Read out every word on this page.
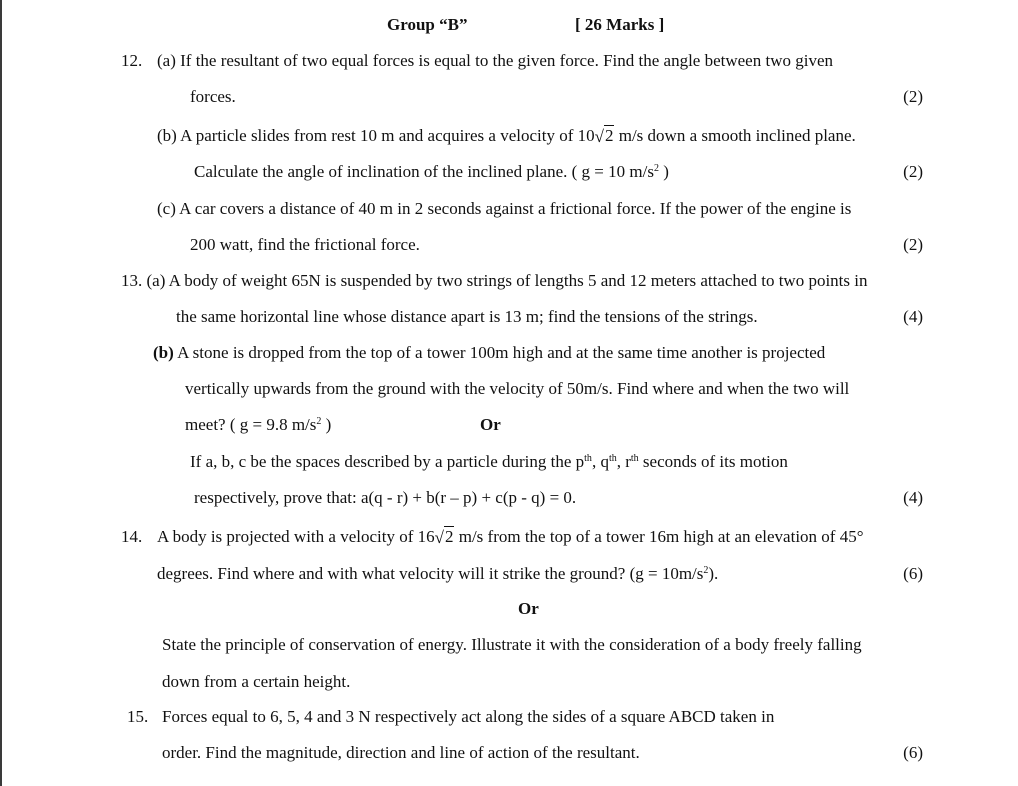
Group “B”	[ 26 Marks ]
12. (a) If the resultant of two equal forces is equal to the given force. Find the angle between two given
forces.	(2)
(b) A particle slides from rest 10 m and acquires a velocity of 10√2 m/s down a smooth inclined plane.
Calculate the angle of inclination of the inclined plane. ( g = 10 $m/s^2$ )	(2)
(c) A car covers a distance of 40 m in 2 seconds against a frictional force. If the power of the engine is
200 watt, find the frictional force.	(2)
13. (a) A body of weight 65N is suspended by two strings of lengths 5 and 12 meters attached to two points in
the same horizontal line whose distance apart is 13 m; find the tensions of the strings.	(4)
(b) A stone is dropped from the top of a tower 100m high and at the same time another is projected
vertically upwards from the ground with the velocity of 50m/s. Find where and when the two will
meet? ( g = 9.8 $m/s^2$ )	Or
If a, b, c be the spaces described by a particle during the $p^{th}$, $q^{th}$, $r^{th}$ seconds of its motion
respectively, prove that: a(q - r) + b(r – p) + c(p - q) = 0.	(4)
14. A body is projected with a velocity of 16√2 m/s from the top of a tower 16m high at an elevation of 45°
degrees. Find where and with what velocity will it strike the ground? $(g = 10m/s^2)$.	(6)
Or
State the principle of conservation of energy. Illustrate it with the consideration of a body freely falling
down from a certain height.
15. Forces equal to 6, 5, 4 and 3 N respectively act along the sides of a square ABCD taken in
order. Find the magnitude, direction and line of action of the resultant.	(6)
